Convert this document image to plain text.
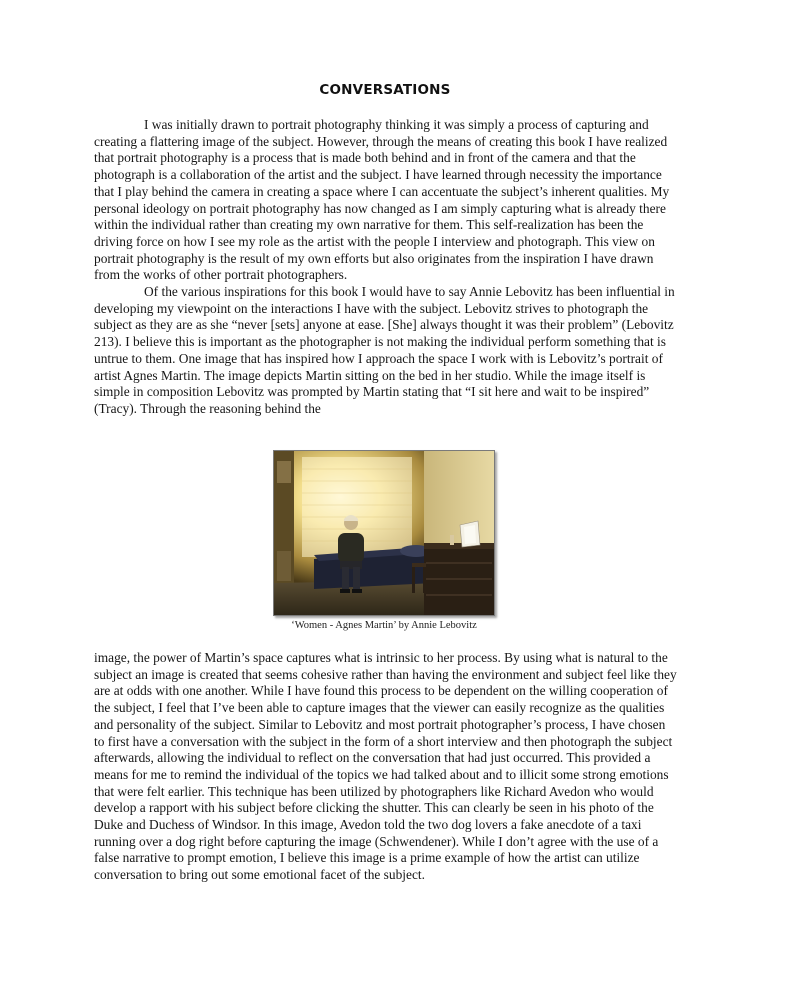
CONVERSATIONS

I was initially drawn to portrait photography thinking it was simply a process of capturing and creating a flattering image of the subject. However, through the means of creating this book I have realized that portrait photography is a process that is made both behind and in front of the camera and that the photograph is a collaboration of the artist and the subject. I have learned through necessity the importance that I play behind the camera in creating a space where I can accentuate the subject’s inherent qualities. My personal ideology on portrait photography has now changed as I am simply capturing what is already there within the individual rather than creating my own narrative for them. This self-realization has been the driving force on how I see my role as the artist with the people I interview and photograph. This view on portrait photography is the result of my own efforts but also originates from the inspiration I have drawn from the works of other portrait photographers.

Of the various inspirations for this book I would have to say Annie Lebovitz has been influential in developing my viewpoint on the interactions I have with the subject. Lebovitz strives to photograph the subject as they are as she “never [sets] anyone at ease. [She] always thought it was their problem” (Lebovitz 213). I believe this is important as the photographer is not making the individual perform something that is untrue to them. One image that has inspired how I approach the space I work with is Lebovitz’s portrait of artist Agnes Martin. The image depicts Martin sitting on the bed in her studio. While the image itself is simple in composition Lebovitz was prompted by Martin stating that “I sit here and wait to be inspired” (Tracy). Through the reasoning behind the

‘Women - Agnes Martin’ by Annie Lebovitz

image, the power of Martin’s space captures what is intrinsic to her process. By using what is natural to the subject an image is created that seems cohesive rather than having the environment and subject feel like they are at odds with one another. While I have found this process to be dependent on the willing cooperation of the subject, I feel that I’ve been able to capture images that the viewer can easily recognize as the qualities and personality of the subject. Similar to Lebovitz and most portrait photographer’s process, I have chosen to first have a conversation with the subject in the form of a short interview and then photograph the subject afterwards, allowing the individual to reflect on the conversation that had just occurred. This provided a means for me to remind the individual of the topics we had talked about and to illicit some strong emotions that were felt earlier. This technique has been utilized by photographers like Richard Avedon who would develop a rapport with his subject before clicking the shutter. This can clearly be seen in his photo of the Duke and Duchess of Windsor. In this image, Avedon told the two dog lovers a fake anecdote of a taxi running over a dog right before capturing the image (Schwendener). While I don’t agree with the use of a false narrative to prompt emotion, I believe this image is a prime example of how the artist can utilize conversation to bring out some emotional facet of the subject.
